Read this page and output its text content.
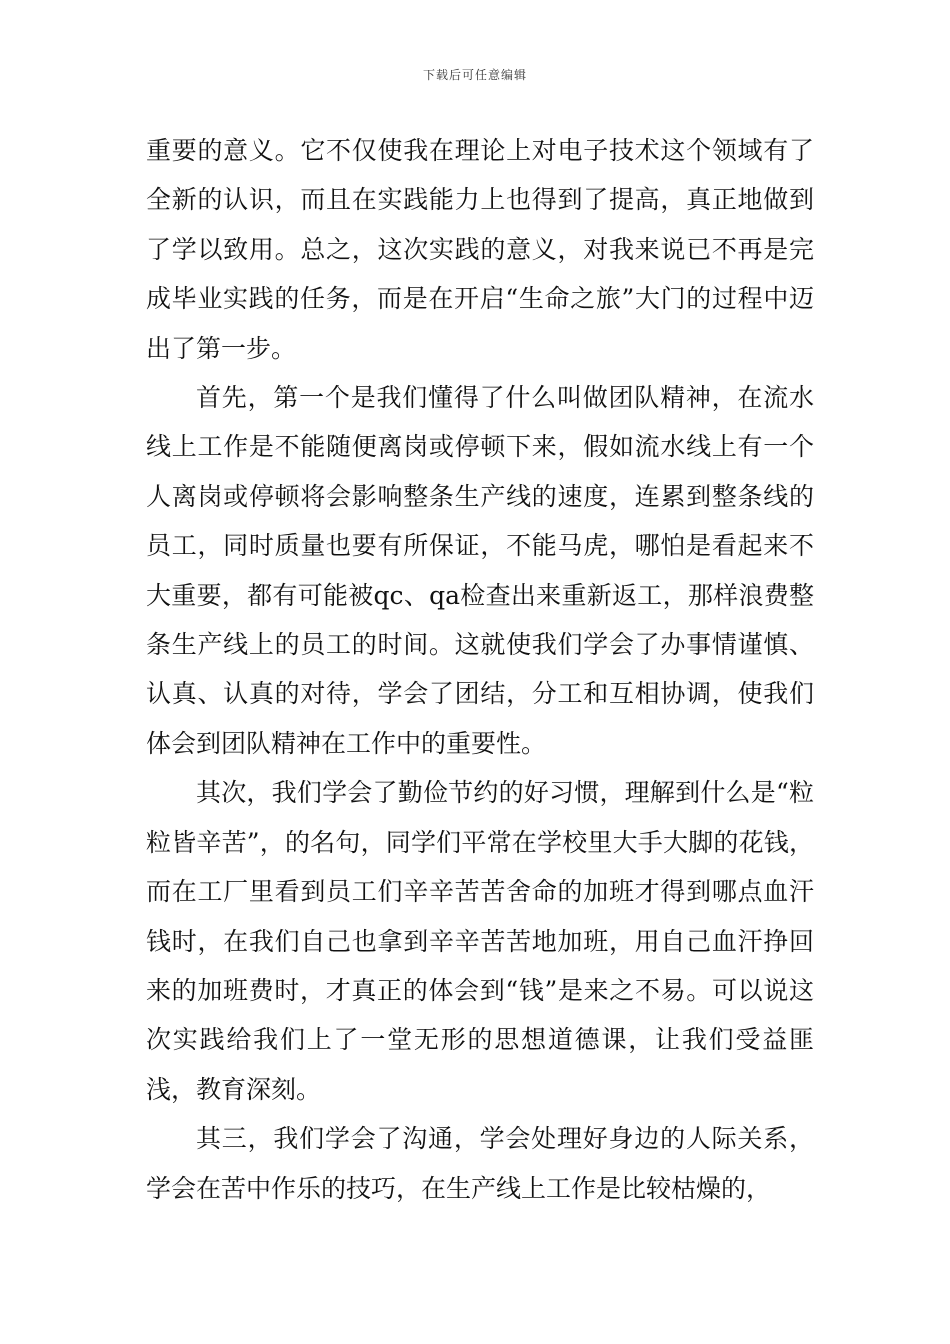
下载后可任意编辑

重要的意义。它不仅使我在理论上对电子技术这个领域有了全新的认识，而且在实践能力上也得到了提高，真正地做到了学以致用。总之，这次实践的意义，对我来说已不再是完成毕业实践的任务，而是在开启“生命之旅”大门的过程中迈出了第一步。

首先，第一个是我们懂得了什么叫做团队精神，在流水线上工作是不能随便离岗或停顿下来，假如流水线上有一个人离岗或停顿将会影响整条生产线的速度，连累到整条线的员工，同时质量也要有所保证，不能马虎，哪怕是看起来不大重要，都有可能被qc、qa检查出来重新返工，那样浪费整条生产线上的员工的时间。这就使我们学会了办事情谨慎、认真、认真的对待，学会了团结，分工和互相协调，使我们体会到团队精神在工作中的重要性。

其次，我们学会了勤俭节约的好习惯，理解到什么是“粒粒皆辛苦”，的名句，同学们平常在学校里大手大脚的花钱，而在工厂里看到员工们辛辛苦苦舍命的加班才得到哪点血汗钱时，在我们自己也拿到辛辛苦苦地加班，用自己血汗挣回来的加班费时，才真正的体会到“钱”是来之不易。可以说这次实践给我们上了一堂无形的思想道德课，让我们受益匪浅，教育深刻。

其三，我们学会了沟通，学会处理好身边的人际关系，学会在苦中作乐的技巧，在生产线上工作是比较枯燥的，
